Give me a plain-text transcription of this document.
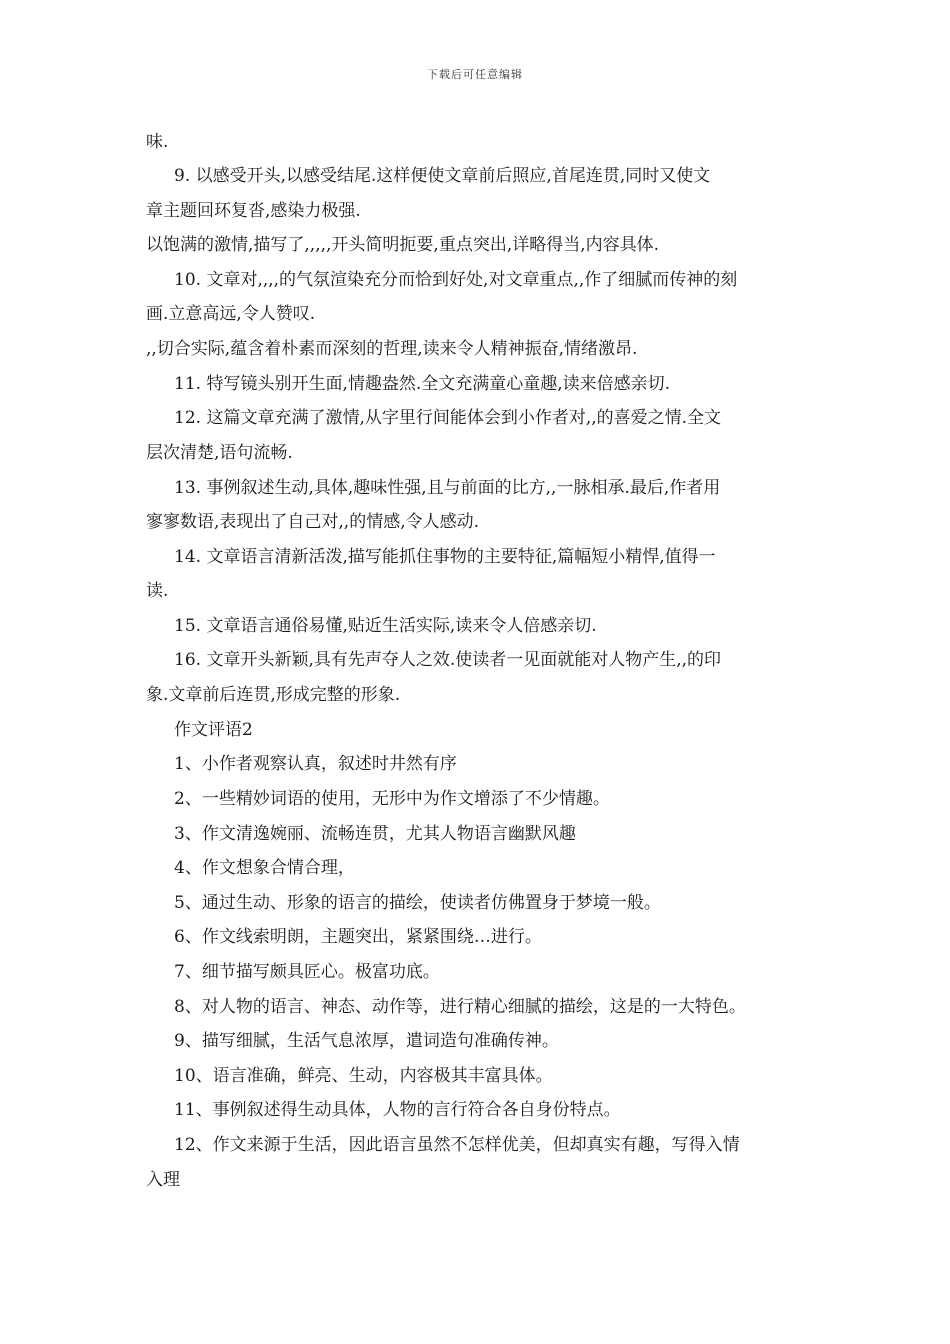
下载后可任意编辑
味.
9. 以感受开头,以感受结尾.这样便使文章前后照应,首尾连贯,同时又使文
章主题回环复沓,感染力极强.
以饱满的激情,描写了,,,,,开头简明扼要,重点突出,详略得当,内容具体.
10. 文章对,,,,的气氛渲染充分而恰到好处,对文章重点,,作了细腻而传神的刻
画.立意高远,令人赞叹.
,,切合实际,蕴含着朴素而深刻的哲理,读来令人精神振奋,情绪激昂.
11. 特写镜头别开生面,情趣盎然.全文充满童心童趣,读来倍感亲切.
12. 这篇文章充满了激情,从字里行间能体会到小作者对,,的喜爱之情.全文
层次清楚,语句流畅.
13. 事例叙述生动,具体,趣味性强,且与前面的比方,,一脉相承.最后,作者用
寥寥数语,表现出了自己对,,的情感,令人感动.
14. 文章语言清新活泼,描写能抓住事物的主要特征,篇幅短小精悍,值得一
读.
15. 文章语言通俗易懂,贴近生活实际,读来令人倍感亲切.
16. 文章开头新颖,具有先声夺人之效.使读者一见面就能对人物产生,,的印
象.文章前后连贯,形成完整的形象.
作文评语2
1、小作者观察认真，叙述时井然有序
2、一些精妙词语的使用，无形中为作文增添了不少情趣。
3、作文清逸婉丽、流畅连贯，尤其人物语言幽默风趣
4、作文想象合情合理，
5、通过生动、形象的语言的描绘，使读者仿佛置身于梦境一般。
6、作文线索明朗，主题突出，紧紧围绕…进行。
7、细节描写颇具匠心。极富功底。
8、对人物的语言、神态、动作等，进行精心细腻的描绘，这是的一大特色。
9、描写细腻，生活气息浓厚，遣词造句准确传神。
10、语言准确，鲜亮、生动，内容极其丰富具体。
11、事例叙述得生动具体，人物的言行符合各自身份特点。
12、作文来源于生活，因此语言虽然不怎样优美，但却真实有趣，写得入情
入理
